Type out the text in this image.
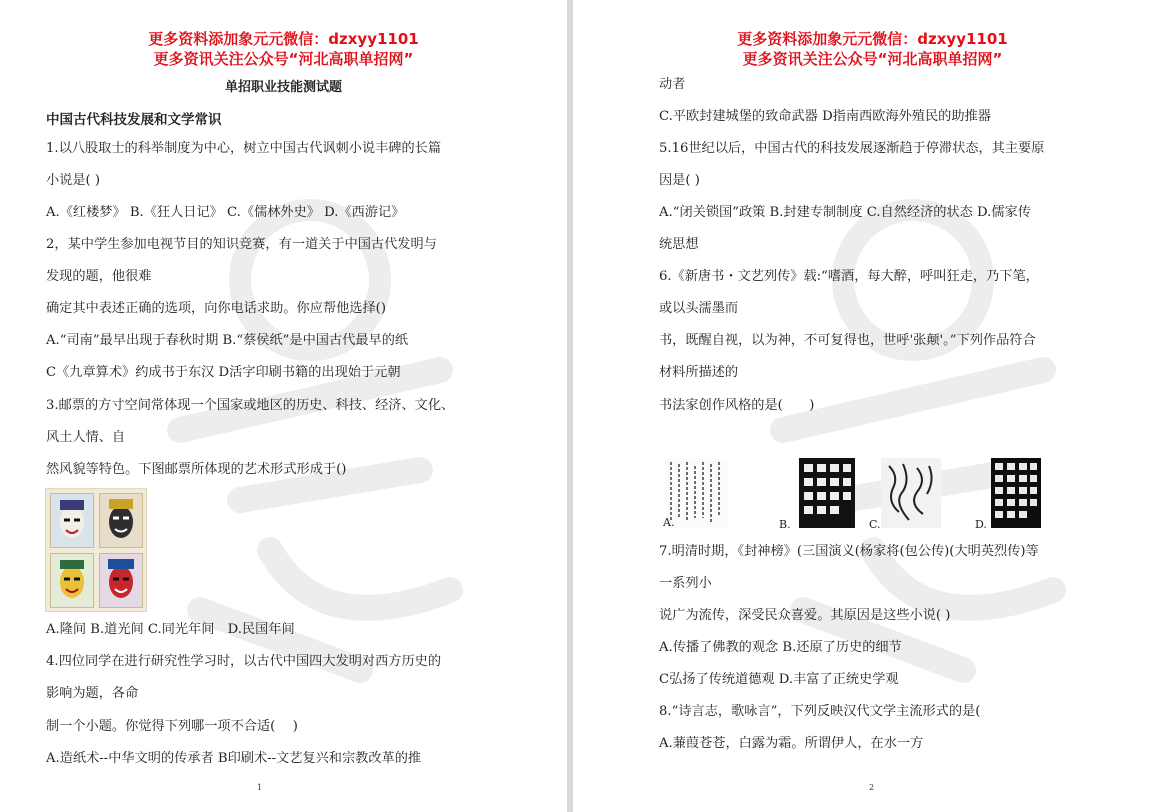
更多资料添加象元元微信：dzxyy1101
更多资讯关注公众号“河北高职单招网”
单招职业技能测试题
中国古代科技发展和文学常识
1.以八股取士的科举制度为中心，树立中国古代讽刺小说丰碑的长篇
小说是( )
A.《红楼梦》 B.《狂人日记》 C.《儒林外史》 D.《西游记》
2，某中学生参加电视节目的知识竞赛，有一道关于中国古代发明与
发现的题，他很难
确定其中表述正确的选项，向你电话求助。你应帮他选择()
A.“司南”最早出现于春秋时期 B.“蔡侯纸”是中国古代最早的纸
C《九章算术》约成书于东汉 D活字印刷书籍的出现始于元朝
3.邮票的方寸空间常体现一个国家或地区的历史、科技、经济、文化、
风土人情、自
然风貌等特色。下图邮票所体现的艺术形式形成于()
A.隆间 B.道光间 C.同光年间　D.民国年间
4.四位同学在进行研究性学习时，以古代中国四大发明对西方历史的
影响为题，各命
制一个小题。你觉得下列哪一项不合适(　 )
A.造纸术--中华文明的传承者 B印刷术--文艺复兴和宗教改革的推
1
更多资料添加象元元微信：dzxyy1101
更多资讯关注公众号“河北高职单招网”
动者
C.平欧封建城堡的致命武器 D指南西欧海外殖民的助推器
5.16世纪以后，中国古代的科技发展逐渐趋于停滞状态，其主要原
因是( )
A.“闭关锁国”政策 B.封建专制制度 C.自然经济的状态 D.儒家传
统思想
6.《新唐书・文艺列传》载:“嗜酒，每大醉，呼叫狂走，乃下笔，
或以头濡墨而
书，既醒自视，以为神，不可复得也，世呼'张颠'。”下列作品符合
材料所描述的
书法家创作风格的是(　　)
A.	B.	C.	D.
7.明清时期，《封神榜》(三国演义(杨家将(包公传)(大明英烈传)等
一系列小
说广为流传，深受民众喜爱。其原因是这些小说( )
A.传播了佛教的观念 B.还原了历史的细节
C弘扬了传统道德观 D.丰富了正统史学观
8.“诗言志，歌咏言”，下列反映汉代文学主流形式的是(
A.蒹葭苍苍，白露为霜。所谓伊人，在水一方
2
